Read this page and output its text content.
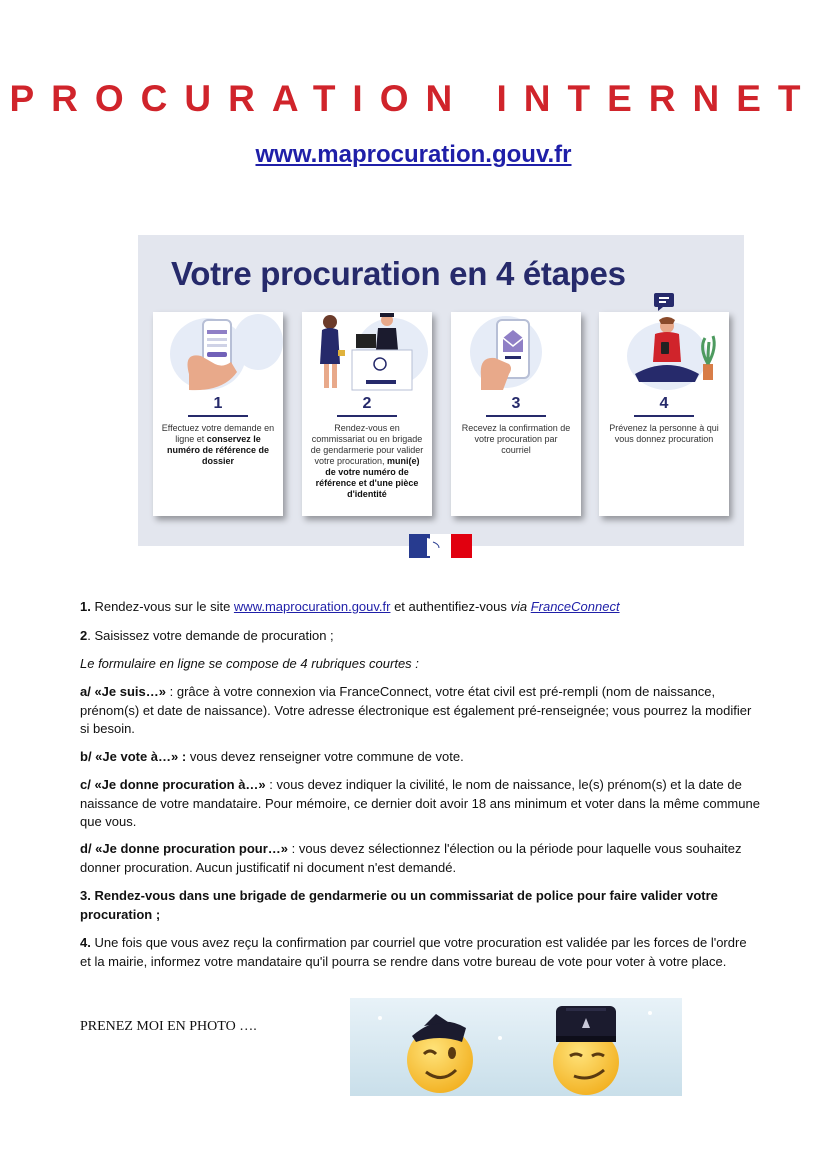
PROCURATION INTERNET
www.maprocuration.gouv.fr
Votre procuration en 4 étapes
1
Effectuez votre demande en ligne et conservez le numéro de référence de dossier
2
Rendez-vous en commissariat ou en brigade de gendarmerie pour valider votre procuration, muni(e) de votre numéro de référence et d'une pièce d'identité
3
Recevez la confirmation de votre procuration par courriel
4
Prévenez la personne à qui vous donnez procuration

1. Rendez-vous sur le site www.maprocuration.gouv.fr et authentifiez-vous via FranceConnect

2. Saisissez votre demande de procuration ;

Le formulaire en ligne se compose de 4 rubriques courtes :

a/ «Je suis…» : grâce à votre connexion via FranceConnect, votre état civil est pré-rempli (nom de naissance, prénom(s) et date de naissance). Votre adresse électronique est également pré-renseignée; vous pourrez la modifier si besoin.

b/ «Je vote à…» : vous devez renseigner votre commune de vote.

c/ «Je donne procuration à…» : vous devez indiquer la civilité, le nom de naissance, le(s) prénom(s) et la date de naissance de votre mandataire. Pour mémoire, ce dernier doit avoir 18 ans minimum et voter dans la même commune que vous.

d/ «Je donne procuration pour…» : vous devez sélectionnez l'élection ou la période pour laquelle vous souhaitez donner procuration. Aucun justificatif ni document n'est demandé.

3. Rendez-vous dans une brigade de gendarmerie ou un commissariat de police pour faire valider votre procuration ;

4. Une fois que vous avez reçu la confirmation par courriel que votre procuration est validée par les forces de l'ordre et la mairie, informez votre mandataire qu'il pourra se rendre dans votre bureau de vote pour voter à votre place.

PRENEZ MOI EN PHOTO ….
